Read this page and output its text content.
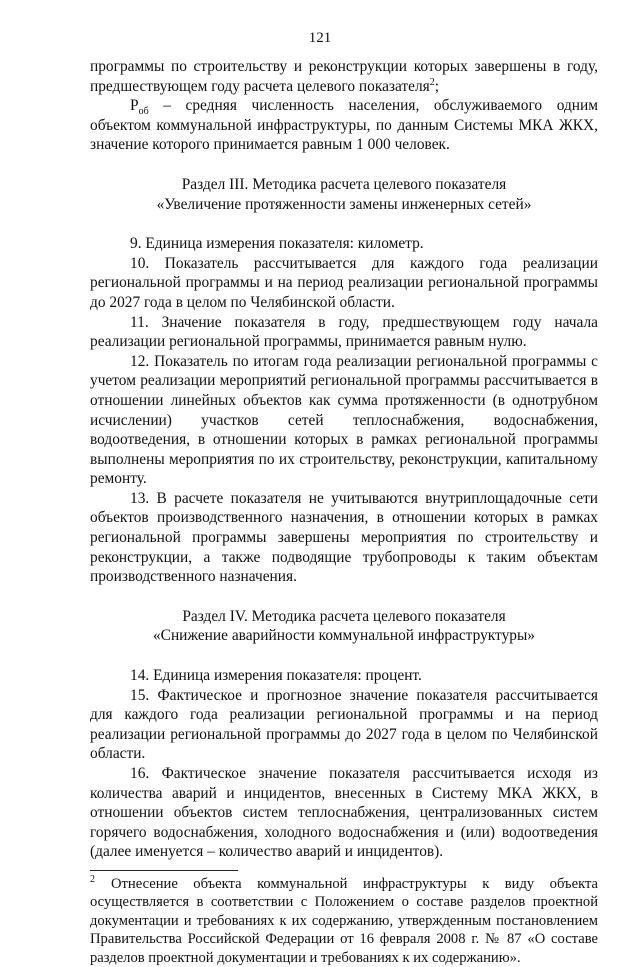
121

программы по строительству и реконструкции которых завершены в году, предшествующем году расчета целевого показателя$^2$;

$P_{об}$ – средняя численность населения, обслуживаемого одним объектом коммунальной инфраструктуры, по данным Системы МКА ЖКХ, значение которого принимается равным 1 000 человек.

Раздел III. Методика расчета целевого показателя

«Увеличение протяженности замены инженерных сетей»

9. Единица измерения показателя: километр.

10. Показатель рассчитывается для каждого года реализации региональной программы и на период реализации региональной программы до 2027 года в целом по Челябинской области.

11. Значение показателя в году, предшествующем году начала реализации региональной программы, принимается равным нулю.

12. Показатель по итогам года реализации региональной программы с учетом реализации мероприятий региональной программы рассчитывается в отношении линейных объектов как сумма протяженности (в однотрубном исчислении) участков сетей теплоснабжения, водоснабжения, водоотведения, в отношении которых в рамках региональной программы выполнены мероприятия по их строительству, реконструкции, капитальному ремонту.

13. В расчете показателя не учитываются внутриплощадочные сети объектов производственного назначения, в отношении которых в рамках региональной программы завершены мероприятия по строительству и реконструкции, а также подводящие трубопроводы к таким объектам производственного назначения.

Раздел IV. Методика расчета целевого показателя

«Снижение аварийности коммунальной инфраструктуры»

14. Единица измерения показателя: процент.

15. Фактическое и прогнозное значение показателя рассчитывается для каждого года реализации региональной программы и на период реализации региональной программы до 2027 года в целом по Челябинской области.

16. Фактическое значение показателя рассчитывается исходя из количества аварий и инцидентов, внесенных в Систему МКА ЖКХ, в отношении объектов систем теплоснабжения, централизованных систем горячего водоснабжения, холодного водоснабжения и (или) водоотведения (далее именуется – количество аварий и инцидентов).

$^2$ Отнесение объекта коммунальной инфраструктуры к виду объекта осуществляется в соответствии с Положением о составе разделов проектной документации и требованиях к их содержанию, утвержденным постановлением Правительства Российской Федерации от 16 февраля 2008 г. № 87 «О составе разделов проектной документации и требованиях к их содержанию».
